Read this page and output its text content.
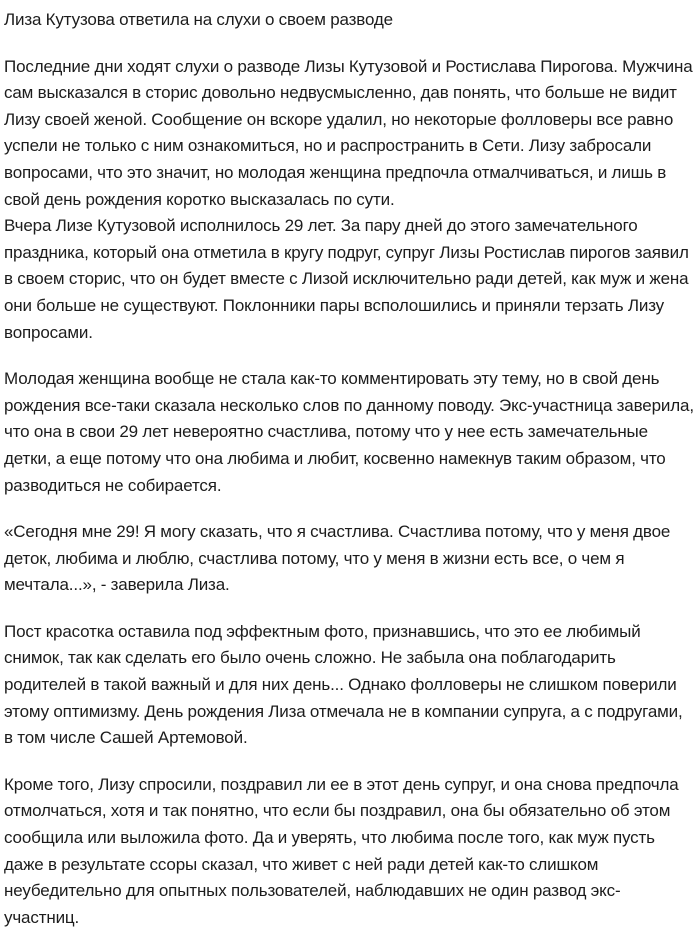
Лиза Кутузова ответила на слухи о своем разводе

Последние дни ходят слухи о разводе Лизы Кутузовой и Ростислава Пирогова. Мужчина сам высказался в сторис довольно недвусмысленно, дав понять, что больше не видит Лизу своей женой. Сообщение он вскоре удалил, но некоторые фолловеры все равно успели не только с ним ознакомиться, но и распространить в Сети. Лизу забросали вопросами, что это значит, но молодая женщина предпочла отмалчиваться, и лишь в свой день рождения коротко высказалась по сути.
Вчера Лизе Кутузовой исполнилось 29 лет. За пару дней до этого замечательного праздника, который она отметила в кругу подруг, супруг Лизы Ростислав пирогов заявил в своем сторис, что он будет вместе с Лизой исключительно ради детей, как муж и жена они больше не существуют. Поклонники пары всполошились и приняли терзать Лизу вопросами.

Молодая женщина вообще не стала как-то комментировать эту тему, но в свой день рождения все-таки сказала несколько слов по данному поводу. Экс-участница заверила, что она в свои 29 лет невероятно счастлива, потому что у нее есть замечательные детки, а еще потому что она любима и любит, косвенно намекнув таким образом, что разводиться не собирается.

«Сегодня мне 29! Я могу сказать, что я счастлива. Счастлива потому, что у меня двое деток, любима и люблю, счастлива потому, что у меня в жизни есть все, о чем я мечтала...», - заверила Лиза.

Пост красотка оставила под эффектным фото, признавшись, что это ее любимый снимок, так как сделать его было очень сложно. Не забыла она поблагодарить родителей в такой важный и для них день... Однако фолловеры не слишком поверили этому оптимизму. День рождения Лиза отмечала не в компании супруга, а с подругами, в том числе Сашей Артемовой.

Кроме того, Лизу спросили, поздравил ли ее в этот день супруг, и она снова предпочла отмолчаться, хотя и так понятно, что если бы поздравил, она бы обязательно об этом сообщила или выложила фото. Да и уверять, что любима после того, как муж пусть даже в результате ссоры сказал, что живет с ней ради детей как-то слишком неубедительно для опытных пользователей, наблюдавших не один развод экс-участниц.
